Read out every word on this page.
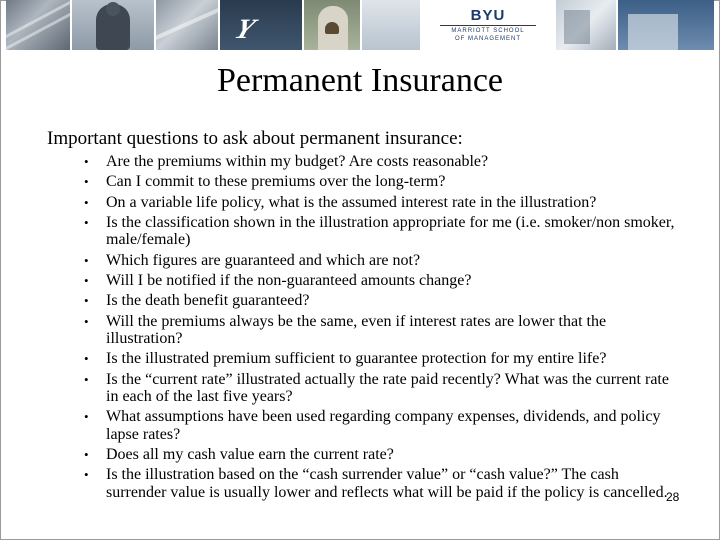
Y	BYU
MARRIOTT SCHOOL
OF MANAGEMENT
Permanent Insurance
Important questions to ask about permanent insurance:
• Are the premiums within my budget? Are costs reasonable?
• Can I commit to these premiums over the long-term?
• On a variable life policy, what is the assumed interest rate in the illustration?
• Is the classification shown in the illustration appropriate for me (i.e. smoker/non smoker, male/female)
• Which figures are guaranteed and which are not?
• Will I be notified if the non-guaranteed amounts change?
• Is the death benefit guaranteed?
• Will the premiums always be the same, even if interest rates are lower that the illustration?
• Is the illustrated premium sufficient to guarantee protection for my entire life?
• Is the “current rate” illustrated actually the rate paid recently? What was the current rate in each of the last five years?
• What assumptions have been used regarding company expenses, dividends, and policy lapse rates?
• Does all my cash value earn the current rate?
• Is the illustration based on the “cash surrender value” or “cash value?” The cash surrender value is usually lower and reflects what will be paid if the policy is cancelled.
28
